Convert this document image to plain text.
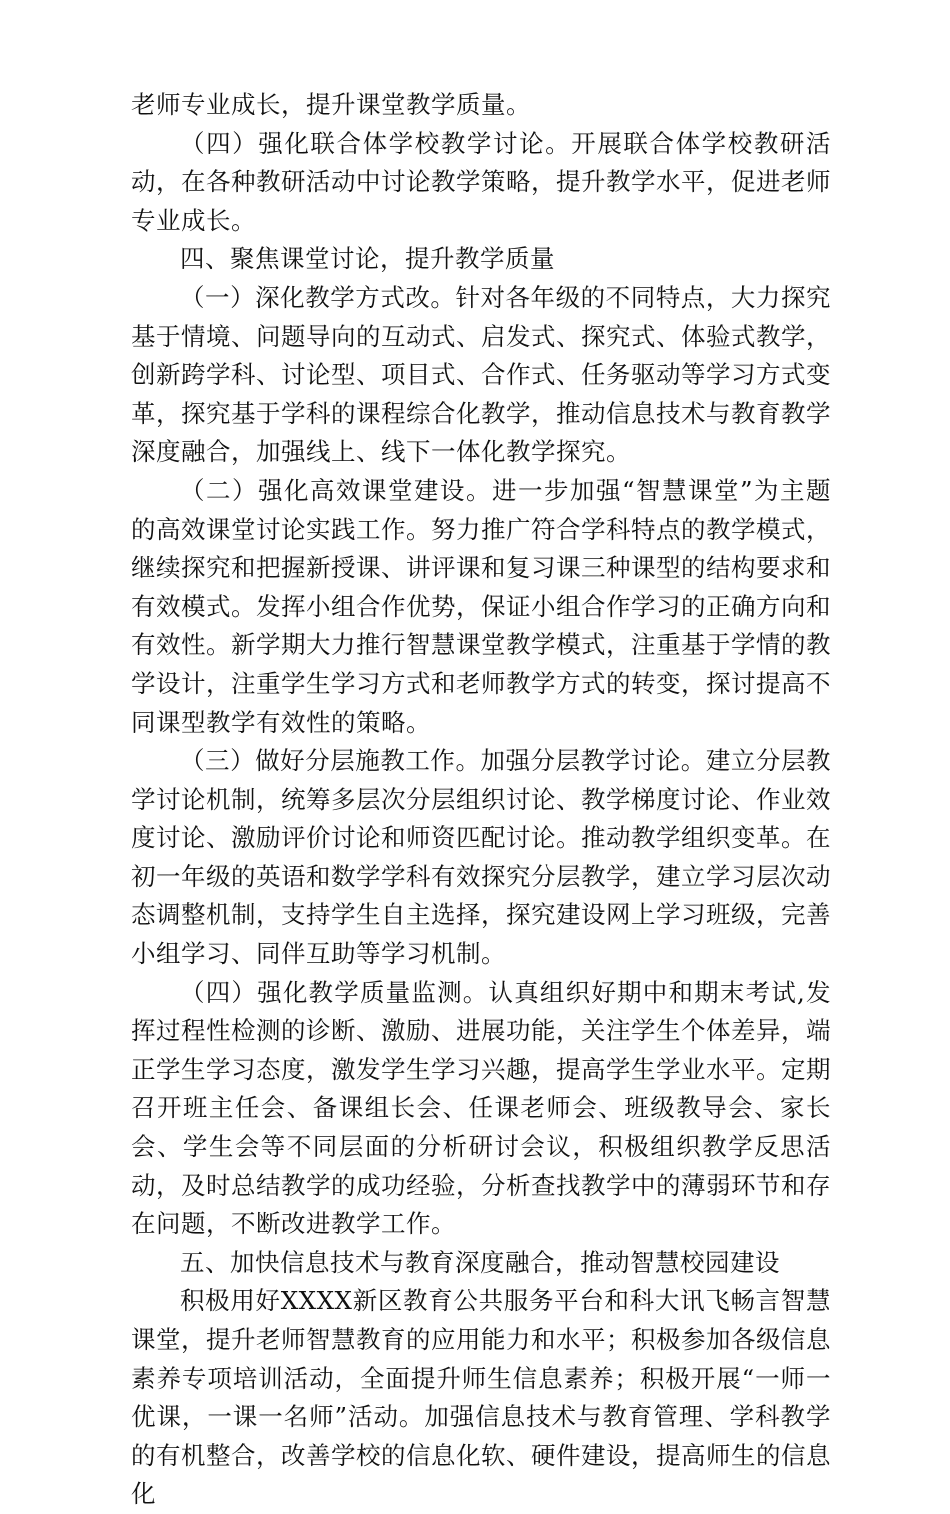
老师专业成长，提升课堂教学质量。

（四）强化联合体学校教学讨论。开展联合体学校教研活动，在各种教研活动中讨论教学策略，提升教学水平，促进老师专业成长。

四、聚焦课堂讨论，提升教学质量

（一）深化教学方式改。针对各年级的不同特点，大力探究基于情境、问题导向的互动式、启发式、探究式、体验式教学，创新跨学科、讨论型、项目式、合作式、任务驱动等学习方式变革，探究基于学科的课程综合化教学，推动信息技术与教育教学深度融合，加强线上、线下一体化教学探究。

（二）强化高效课堂建设。进一步加强“智慧课堂”为主题的高效课堂讨论实践工作。努力推广符合学科特点的教学模式，继续探究和把握新授课、讲评课和复习课三种课型的结构要求和有效模式。发挥小组合作优势，保证小组合作学习的正确方向和有效性。新学期大力推行智慧课堂教学模式，注重基于学情的教学设计，注重学生学习方式和老师教学方式的转变，探讨提高不同课型教学有效性的策略。

（三）做好分层施教工作。加强分层教学讨论。建立分层教学讨论机制，统筹多层次分层组织讨论、教学梯度讨论、作业效度讨论、激励评价讨论和师资匹配讨论。推动教学组织变革。在初一年级的英语和数学学科有效探究分层教学，建立学习层次动态调整机制，支持学生自主选择，探究建设网上学习班级，完善小组学习、同伴互助等学习机制。

（四）强化教学质量监测。认真组织好期中和期末考试,发挥过程性检测的诊断、激励、进展功能，关注学生个体差异，端正学生学习态度，激发学生学习兴趣，提高学生学业水平。定期召开班主任会、备课组长会、任课老师会、班级教导会、家长会、学生会等不同层面的分析研讨会议，积极组织教学反思活动，及时总结教学的成功经验，分析查找教学中的薄弱环节和存在问题，不断改进教学工作。

五、加快信息技术与教育深度融合，推动智慧校园建设

积极用好XXXX新区教育公共服务平台和科大讯飞畅言智慧课堂，提升老师智慧教育的应用能力和水平；积极参加各级信息素养专项培训活动，全面提升师生信息素养；积极开展“一师一优课，一课一名师”活动。加强信息技术与教育管理、学科教学的有机整合，改善学校的信息化软、硬件建设，提高师生的信息化
